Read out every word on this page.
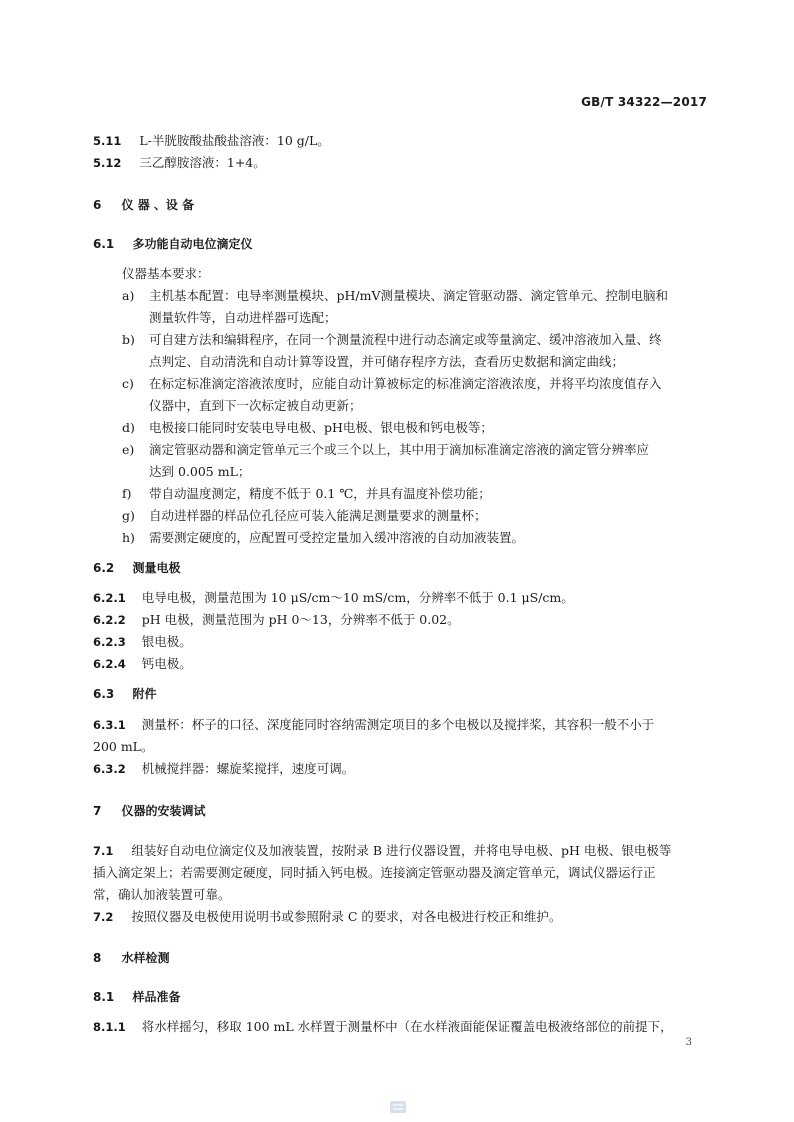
GB/T 34322—2017
5.11 L-半胱胺酸盐酸盐溶液：10 g/L。
5.12 三乙醇胺溶液：1+4。
6 仪 器 、设 备
6.1 多功能自动电位滴定仪
仪器基本要求：
a) 主机基本配置：电导率测量模块、pH/mV测量模块、滴定管驱动器、滴定管单元、控制电脑和
测量软件等，自动进样器可选配；
b) 可自建方法和编辑程序，在同一个测量流程中进行动态滴定或等量滴定、缓冲溶液加入量、终
点判定、自动清洗和自动计算等设置，并可储存程序方法，查看历史数据和滴定曲线；
c) 在标定标准滴定溶液浓度时，应能自动计算被标定的标准滴定溶液浓度，并将平均浓度值存入
仪器中，直到下一次标定被自动更新；
d) 电极接口能同时安装电导电极、pH电极、银电极和钙电极等；
e) 滴定管驱动器和滴定管单元三个或三个以上，其中用于滴加标准滴定溶液的滴定管分辨率应
达到 0.005 mL；
f) 带自动温度测定，精度不低于 0.1 ℃，并具有温度补偿功能；
g) 自动进样器的样品位孔径应可装入能满足测量要求的测量杯；
h) 需要测定硬度的，应配置可受控定量加入缓冲溶液的自动加液装置。
6.2 测量电极
6.2.1 电导电极，测量范围为 10 μS/cm～10 mS/cm，分辨率不低于 0.1 μS/cm。
6.2.2 pH 电极，测量范围为 pH 0～13，分辨率不低于 0.02。
6.2.3 银电极。
6.2.4 钙电极。
6.3 附件
6.3.1 测量杯：杯子的口径、深度能同时容纳需测定项目的多个电极以及搅拌桨，其容积一般不小于
200 mL。
6.3.2 机械搅拌器：螺旋桨搅拌，速度可调。
7 仪器的安装调试
7.1 组装好自动电位滴定仪及加液装置，按附录 B 进行仪器设置，并将电导电极、pH 电极、银电极等
插入滴定架上；若需要测定硬度，同时插入钙电极。连接滴定管驱动器及滴定管单元，调试仪器运行正
常，确认加液装置可靠。
7.2 按照仪器及电极使用说明书或参照附录 C 的要求，对各电极进行校正和维护。
8 水样检测
8.1 样品准备
8.1.1 将水样摇匀，移取 100 mL 水样置于测量杯中（在水样液面能保证覆盖电极液络部位的前提下，
3
